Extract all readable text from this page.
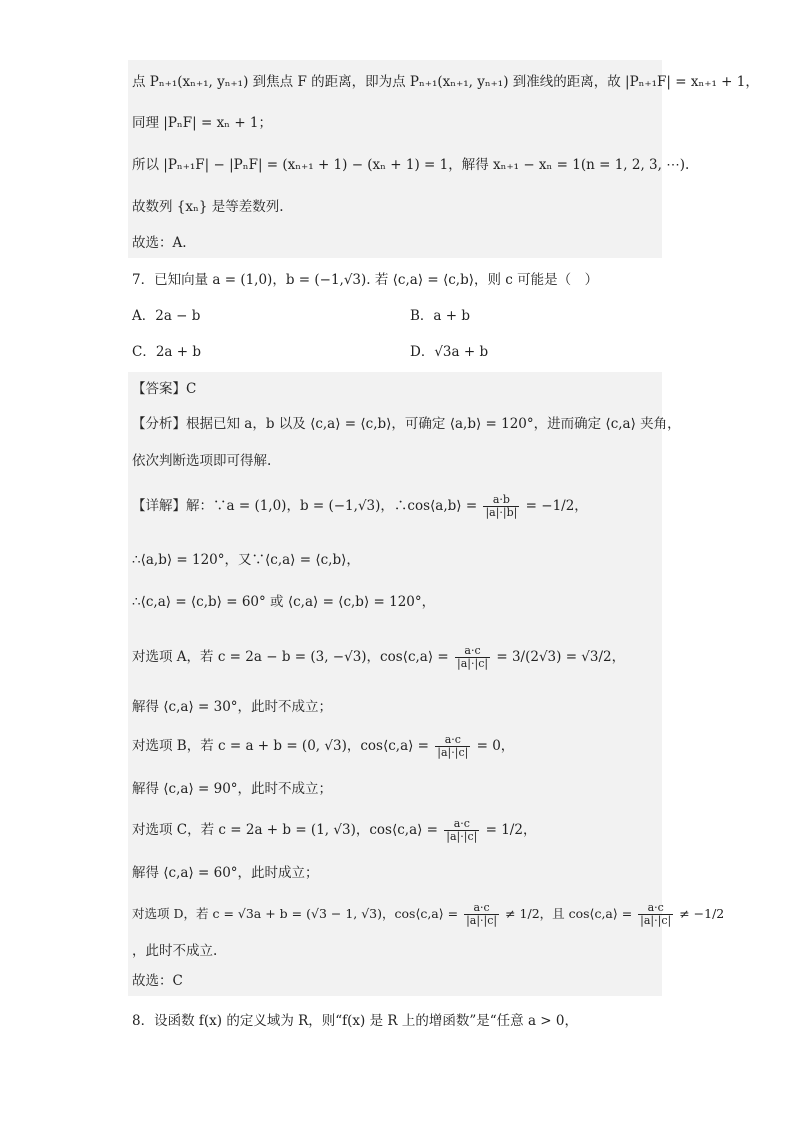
点 Pₙ₊₁(xₙ₊₁, yₙ₊₁) 到焦点 F 的距离，即为点 Pₙ₊₁(xₙ₊₁, yₙ₊₁) 到准线的距离，故 |Pₙ₊₁F| = xₙ₊₁ + 1，
同理 |PₙF| = xₙ + 1；
所以 |Pₙ₊₁F| − |PₙF| = (xₙ₊₁ + 1) − (xₙ + 1) = 1，解得 xₙ₊₁ − xₙ = 1(n = 1, 2, 3, ⋯).
故数列 {xₙ} 是等差数列.
故选：A.
7．已知向量 a = (1,0)，b = (−1,√3). 若 ⟨c,a⟩ = ⟨c,b⟩，则 c 可能是（　）
A．2a − b	B．a + b
C．2a + b	D．√3a + b
【答案】C
【分析】根据已知 a，b 以及 ⟨c,a⟩ = ⟨c,b⟩，可确定 ⟨a,b⟩ = 120°，进而确定 ⟨c,a⟩ 夹角，
依次判断选项即可得解.
【详解】解：∵a = (1,0)，b = (−1,√3)，∴cos⟨a,b⟩ = $\frac{a\cdot b}{|a|\cdot|b|} = -1/2$，
∴⟨a,b⟩ = 120°，又∵⟨c,a⟩ = ⟨c,b⟩，
∴⟨c,a⟩ = ⟨c,b⟩ = 60° 或 ⟨c,a⟩ = ⟨c,b⟩ = 120°，
对选项 A，若 c = 2a − b = (3, −√3)，cos⟨c,a⟩ = $\frac{a\cdot c}{|a|\cdot|c|} = 3/(2√3) = √3/2$，
解得 ⟨c,a⟩ = 30°，此时不成立；
对选项 B，若 c = a + b = (0, √3)，cos⟨c,a⟩ = $\frac{a\cdot c}{|a|\cdot|c|} = 0$，
解得 ⟨c,a⟩ = 90°，此时不成立；
对选项 C，若 c = 2a + b = (1, √3)，cos⟨c,a⟩ = $\frac{a\cdot c}{|a|\cdot|c|} = 1/2$，
解得 ⟨c,a⟩ = 60°，此时成立；
对选项 D，若 c = √3a + b = (√3 − 1, √3)，cos⟨c,a⟩ = $\frac{a\cdot c}{|a|\cdot|c|} \ne 1/2$，且 cos⟨c,a⟩ = $\frac{a\cdot c}{|a|\cdot|c|} \ne -1/2$
，此时不成立.
故选：C
8．设函数 f(x) 的定义域为 R，则“f(x) 是 R 上的增函数”是“任意 a > 0，
